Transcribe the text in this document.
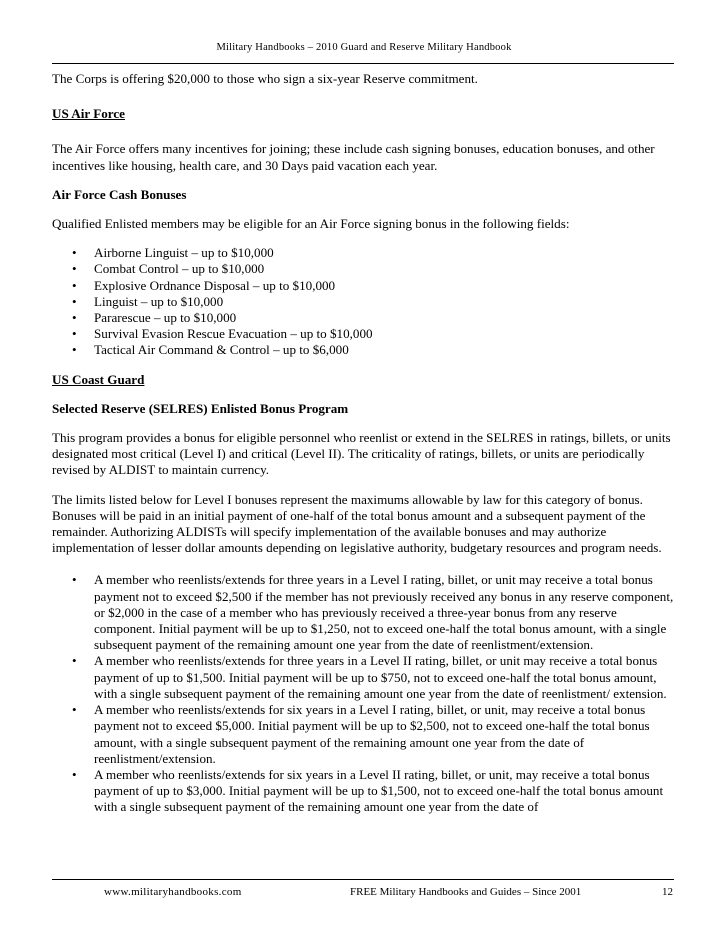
Military Handbooks – 2010 Guard and Reserve Military Handbook

The Corps is offering $20,000 to those who sign a six-year Reserve commitment.

US Air Force

The Air Force offers many incentives for joining; these include cash signing bonuses, education bonuses, and other incentives like housing, health care, and 30 Days paid vacation each year.

Air Force Cash Bonuses

Qualified Enlisted members may be eligible for an Air Force signing bonus in the following fields:

• Airborne Linguist – up to $10,000
• Combat Control – up to $10,000
• Explosive Ordnance Disposal – up to $10,000
• Linguist – up to $10,000
• Pararescue – up to $10,000
• Survival Evasion Rescue Evacuation – up to $10,000
• Tactical Air Command & Control – up to $6,000

US Coast Guard

Selected Reserve (SELRES) Enlisted Bonus Program

This program provides a bonus for eligible personnel who reenlist or extend in the SELRES in ratings, billets, or units designated most critical (Level I) and critical (Level II). The criticality of ratings, billets, or units are periodically revised by ALDIST to maintain currency.

The limits listed below for Level I bonuses represent the maximums allowable by law for this category of bonus. Bonuses will be paid in an initial payment of one-half of the total bonus amount and a subsequent payment of the remainder. Authorizing ALDISTs will specify implementation of the available bonuses and may authorize implementation of lesser dollar amounts depending on legislative authority, budgetary resources and program needs.

• A member who reenlists/extends for three years in a Level I rating, billet, or unit may receive a total bonus payment not to exceed $2,500 if the member has not previously received any bonus in any reserve component, or $2,000 in the case of a member who has previously received a three-year bonus from any reserve component. Initial payment will be up to $1,250, not to exceed one-half the total bonus amount, with a single subsequent payment of the remaining amount one year from the date of reenlistment/extension.
• A member who reenlists/extends for three years in a Level II rating, billet, or unit may receive a total bonus payment of up to $1,500. Initial payment will be up to $750, not to exceed one-half the total bonus amount, with a single subsequent payment of the remaining amount one year from the date of reenlistment/ extension.
• A member who reenlists/extends for six years in a Level I rating, billet, or unit, may receive a total bonus payment not to exceed $5,000. Initial payment will be up to $2,500, not to exceed one-half the total bonus amount, with a single subsequent payment of the remaining amount one year from the date of reenlistment/extension.
• A member who reenlists/extends for six years in a Level II rating, billet, or unit, may receive a total bonus payment of up to $3,000. Initial payment will be up to $1,500, not to exceed one-half the total bonus amount with a single subsequent payment of the remaining amount one year from the date of
www.militaryhandbooks.com	FREE Military Handbooks and Guides – Since 2001	12
